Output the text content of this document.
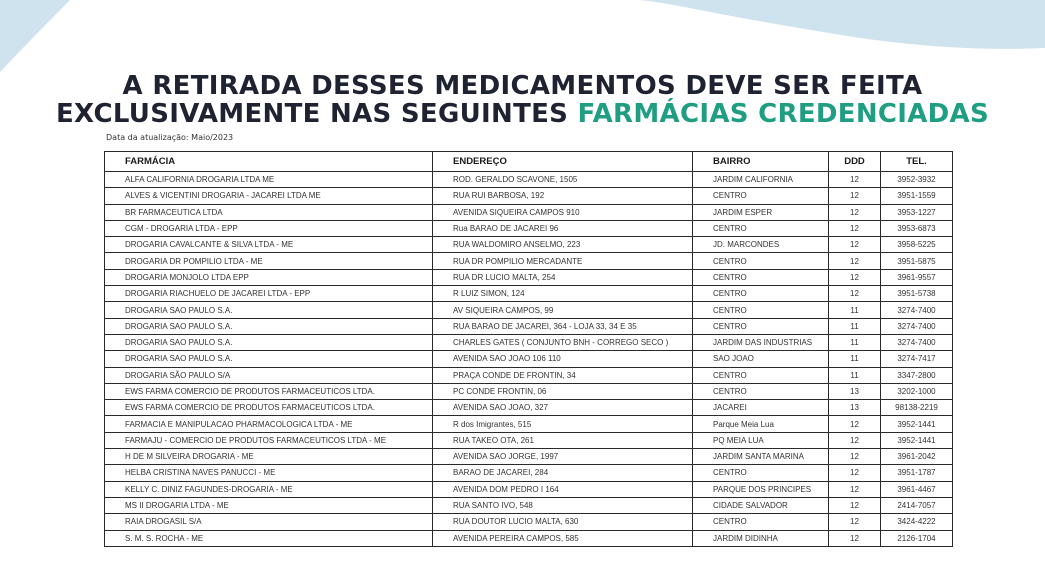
A RETIRADA DESSES MEDICAMENTOS DEVE SER FEITA
EXCLUSIVAMENTE NAS SEGUINTES FARMÁCIAS CREDENCIADAS
Data da atualização: Maio/2023
FARMÁCIA	ENDEREÇO	BAIRRO	DDD	TEL.
ALFA CALIFORNIA DROGARIA LTDA ME	ROD. GERALDO SCAVONE, 1505	JARDIM CALIFORNIA	12	3952-3932
ALVES & VICENTINI DROGARIA - JACAREI LTDA ME	RUA RUI BARBOSA, 192	CENTRO	12	3951-1559
BR FARMACEUTICA LTDA	AVENIDA SIQUEIRA CAMPOS 910	JARDIM ESPER	12	3953-1227
CGM - DROGARIA LTDA - EPP	Rua BARAO DE JACAREI 96	CENTRO	12	3953-6873
DROGARIA CAVALCANTE & SILVA LTDA - ME	RUA WALDOMIRO ANSELMO, 223	JD. MARCONDES	12	3958-5225
DROGARIA DR POMPILIO LTDA - ME	RUA DR POMPILIO MERCADANTE	CENTRO	12	3951-5875
DROGARIA MONJOLO LTDA EPP	RUA DR LUCIO MALTA, 254	CENTRO	12	3961-9557
DROGARIA RIACHUELO DE JACAREI LTDA - EPP	R LUIZ SIMON, 124	CENTRO	12	3951-5738
DROGARIA SAO PAULO S.A.	AV SIQUEIRA CAMPOS, 99	CENTRO	11	3274-7400
DROGARIA SAO PAULO S.A.	RUA BARAO DE JACAREI, 364 - LOJA 33, 34 E 35	CENTRO	11	3274-7400
DROGARIA SAO PAULO S.A.	CHARLES GATES ( CONJUNTO BNH - CORREGO SECO )	JARDIM DAS INDUSTRIAS	11	3274-7400
DROGARIA SAO PAULO S.A.	AVENIDA SAO JOAO 106 110	SAO JOAO	11	3274-7417
DROGARIA SÃO PAULO S/A	PRAÇA CONDE DE FRONTIN, 34	CENTRO	11	3347-2800
EWS FARMA COMERCIO DE PRODUTOS FARMACEUTICOS LTDA.	PC CONDE FRONTIN, 06	CENTRO	13	3202-1000
EWS FARMA COMERCIO DE PRODUTOS FARMACEUTICOS LTDA.	AVENIDA SAO JOAO, 327	JACAREI	13	98138-2219
FARMACIA E MANIPULACAO PHARMACOLOGICA LTDA - ME	R dos Imigrantes, 515	Parque Meia Lua	12	3952-1441
FARMAJU - COMERCIO DE PRODUTOS FARMACEUTICOS LTDA - ME	RUA TAKEO OTA, 261	PQ MEIA LUA	12	3952-1441
H DE M SILVEIRA DROGARIA - ME	AVENIDA SAO JORGE, 1997	JARDIM SANTA MARINA	12	3961-2042
HELBA CRISTINA NAVES PANUCCI - ME	BARAO DE JACAREI, 284	CENTRO	12	3951-1787
KELLY C. DINIZ FAGUNDES-DROGARIA - ME	AVENIDA DOM PEDRO I 164	PARQUE DOS PRINCIPES	12	3961-4467
MS II DROGARIA LTDA - ME	RUA SANTO IVO, 548	CIDADE SALVADOR	12	2414-7057
RAIA DROGASIL S/A	RUA DOUTOR LUCIO MALTA, 630	CENTRO	12	3424-4222
S. M. S. ROCHA - ME	AVENIDA PEREIRA CAMPOS, 585	JARDIM DIDINHA	12	2126-1704
